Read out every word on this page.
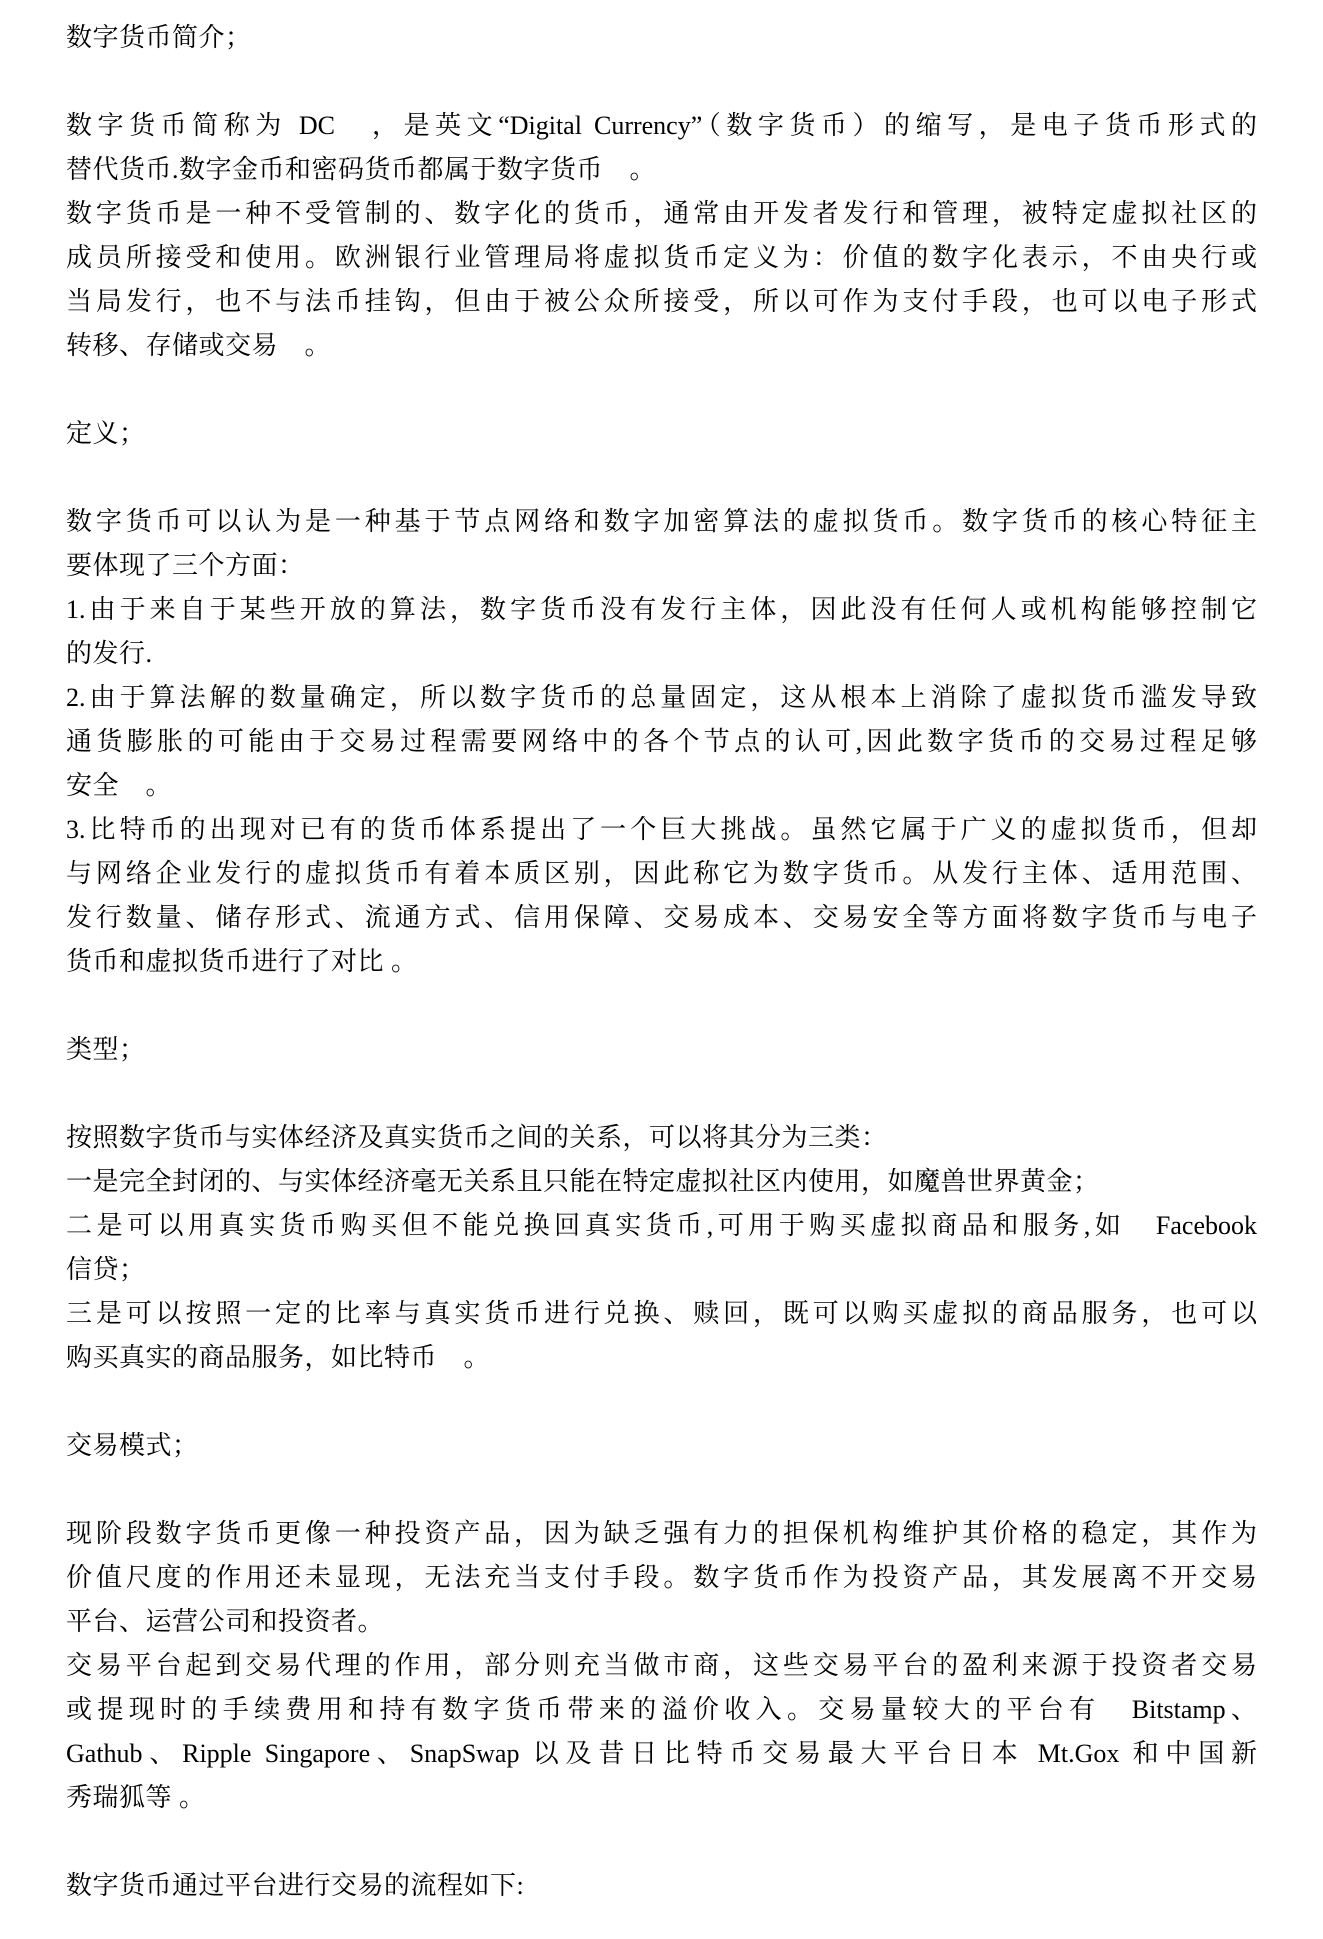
数字货币简介；

数字货币简称为 DC　，是英文“Digital Currency”（数字货币）的缩写，是电子货币形式的
替代货币.数字金币和密码货币都属于数字货币　。
数字货币是一种不受管制的、数字化的货币，通常由开发者发行和管理，被特定虚拟社区的
成员所接受和使用。欧洲银行业管理局将虚拟货币定义为：价值的数字化表示，不由央行或
当局发行，也不与法币挂钩，但由于被公众所接受，所以可作为支付手段，也可以电子形式
转移、存储或交易　。

定义；

数字货币可以认为是一种基于节点网络和数字加密算法的虚拟货币。数字货币的核心特征主
要体现了三个方面：
1.由于来自于某些开放的算法，数字货币没有发行主体，因此没有任何人或机构能够控制它
的发行.
2.由于算法解的数量确定，所以数字货币的总量固定，这从根本上消除了虚拟货币滥发导致
通货膨胀的可能由于交易过程需要网络中的各个节点的认可,因此数字货币的交易过程足够
安全　。
3.比特币的出现对已有的货币体系提出了一个巨大挑战。虽然它属于广义的虚拟货币，但却
与网络企业发行的虚拟货币有着本质区别，因此称它为数字货币。从发行主体、适用范围、
发行数量、储存形式、流通方式、信用保障、交易成本、交易安全等方面将数字货币与电子
货币和虚拟货币进行了对比 。

类型；

按照数字货币与实体经济及真实货币之间的关系，可以将其分为三类：
一是完全封闭的、与实体经济毫无关系且只能在特定虚拟社区内使用，如魔兽世界黄金；
二是可以用真实货币购买但不能兑换回真实货币,可用于购买虚拟商品和服务,如　Facebook
信贷；
三是可以按照一定的比率与真实货币进行兑换、赎回，既可以购买虚拟的商品服务，也可以
购买真实的商品服务，如比特币　。

交易模式；

现阶段数字货币更像一种投资产品，因为缺乏强有力的担保机构维护其价格的稳定，其作为
价值尺度的作用还未显现，无法充当支付手段。数字货币作为投资产品，其发展离不开交易
平台、运营公司和投资者。
交易平台起到交易代理的作用，部分则充当做市商，这些交易平台的盈利来源于投资者交易
或提现时的手续费用和持有数字货币带来的溢价收入。交易量较大的平台有　Bitstamp、
Gathub、Ripple Singapore、SnapSwap 以及昔日比特币交易最大平台日本 Mt.Gox 和中国新
秀瑞狐等 。

数字货币通过平台进行交易的流程如下:
